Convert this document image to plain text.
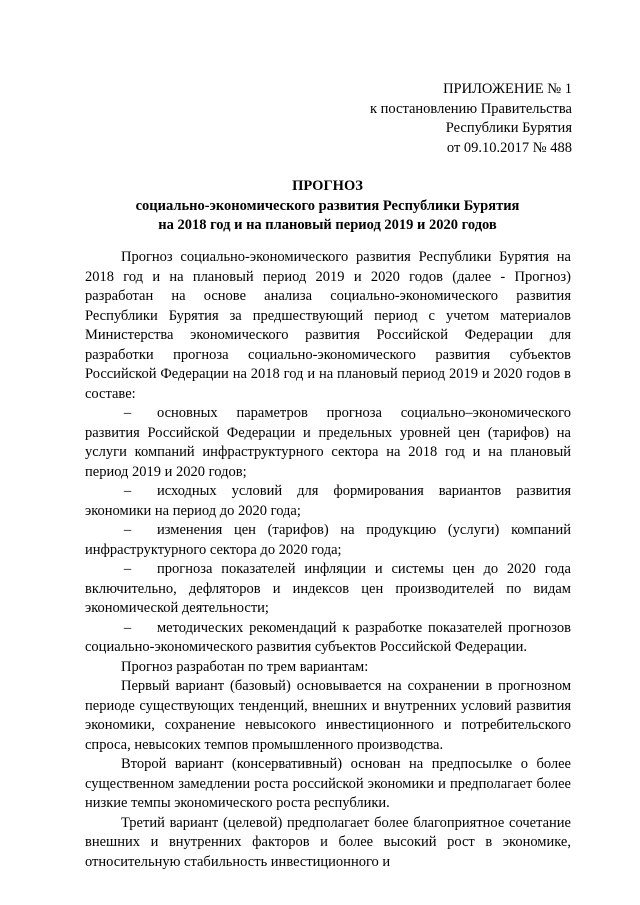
ПРИЛОЖЕНИЕ № 1
к постановлению Правительства
Республики Бурятия
от 09.10.2017 № 488
ПРОГНОЗ
социально-экономического развития Республики Бурятия
на 2018 год и на плановый период 2019 и 2020 годов

Прогноз социально-экономического развития Республики Бурятия на 2018 год и на плановый период 2019 и 2020 годов (далее - Прогноз) разработан на основе анализа социально-экономического развития Республики Бурятия за предшествующий период с учетом материалов Министерства экономического развития Российской Федерации для разработки прогноза социально-экономического развития субъектов Российской Федерации на 2018 год и на плановый период 2019 и 2020 годов в составе:

– основных параметров прогноза социально–экономического развития Российской Федерации и предельных уровней цен (тарифов) на услуги компаний инфраструктурного сектора на 2018 год и на плановый период 2019 и 2020 годов;
– исходных условий для формирования вариантов развития экономики на период до 2020 года;
– изменения цен (тарифов) на продукцию (услуги) компаний инфраструктурного сектора до 2020 года;
– прогноза показателей инфляции и системы цен до 2020 года включительно, дефляторов и индексов цен производителей по видам экономической деятельности;
– методических рекомендаций к разработке показателей прогнозов социально-экономического развития субъектов Российской Федерации.

Прогноз разработан по трем вариантам:

Первый вариант (базовый) основывается на сохранении в прогнозном периоде существующих тенденций, внешних и внутренних условий развития экономики, сохранение невысокого инвестиционного и потребительского спроса, невысоких темпов промышленного производства.

Второй вариант (консервативный) основан на предпосылке о более существенном замедлении роста российской экономики и предполагает более низкие темпы экономического роста республики.

Третий вариант (целевой) предполагает более благоприятное сочетание внешних и внутренних факторов и более высокий рост в экономике, относительную стабильность инвестиционного и
